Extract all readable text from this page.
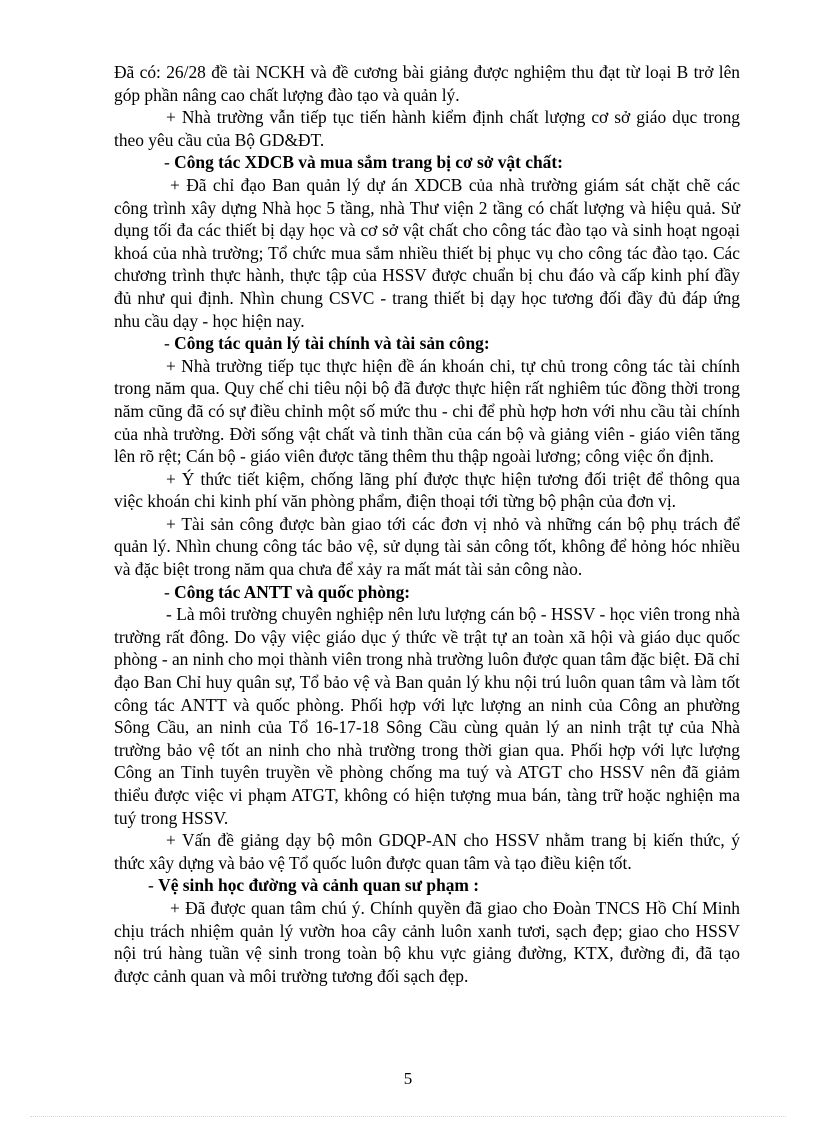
Đã có: 26/28 đề tài NCKH và đề cương bài giảng được nghiệm thu đạt từ loại B trở lên góp phần nâng cao chất lượng đào tạo và quản lý.

+ Nhà trường vẫn tiếp tục tiến hành kiểm định chất lượng cơ sở giáo dục trong theo yêu cầu của Bộ GD&ĐT.

- Công tác XDCB và mua sắm trang bị cơ sở vật chất:

+ Đã chỉ đạo Ban quản lý dự án XDCB của nhà trường giám sát chặt chẽ các công trình xây dựng Nhà học 5 tầng, nhà Thư viện 2 tầng có chất lượng và hiệu quả. Sử dụng tối đa các thiết bị dạy học và cơ sở vật chất cho công tác đào tạo và sinh hoạt ngoại khoá của nhà trường; Tổ chức mua sắm nhiều thiết bị phục vụ cho công tác đào tạo. Các chương trình thực hành, thực tập của HSSV được chuẩn bị chu đáo và cấp kinh phí đầy đủ như qui định. Nhìn chung CSVC - trang thiết bị dạy học tương đối đầy đủ đáp ứng nhu cầu dạy - học hiện nay.

- Công tác quản lý tài chính và tài sản công:

+ Nhà trường tiếp tục thực hiện đề án khoán chi, tự chủ trong công tác tài chính trong năm qua. Quy chế chi tiêu nội bộ đã được thực hiện rất nghiêm túc đồng thời trong năm cũng đã có sự điều chỉnh một số mức thu - chi để phù hợp hơn với nhu cầu tài chính của nhà trường. Đời sống vật chất và tinh thần của cán bộ và giảng viên - giáo viên tăng lên rõ rệt; Cán bộ - giáo viên được tăng thêm thu thập ngoài lương; công việc ổn định.

+ Ý thức tiết kiệm, chống lãng phí được thực hiện tương đối triệt để thông qua việc khoán chi kinh phí văn phòng phẩm, điện thoại tới từng bộ phận của đơn vị.

+ Tài sản công được bàn giao tới các đơn vị nhỏ và những cán bộ phụ trách để quản lý. Nhìn chung công tác bảo vệ, sử dụng tài sản công tốt, không để hỏng hóc nhiều và đặc biệt trong năm qua chưa để xảy ra mất mát tài sản công nào.

- Công tác ANTT và quốc phòng:

- Là môi trường chuyên nghiệp nên lưu lượng cán bộ - HSSV - học viên trong nhà trường rất đông. Do vậy việc giáo dục ý thức về trật tự an toàn xã hội và giáo dục quốc phòng - an ninh cho mọi thành viên trong nhà trường luôn được quan tâm đặc biệt. Đã chỉ đạo Ban Chỉ huy quân sự, Tổ bảo vệ và Ban quản lý khu nội trú luôn quan tâm và làm tốt công tác ANTT và quốc phòng. Phối hợp với lực lượng an ninh của Công an phường Sông Cầu, an ninh của Tổ 16-17-18 Sông Cầu cùng quản lý an ninh trật tự của Nhà trường bảo vệ tốt an ninh cho nhà trường trong thời gian qua. Phối hợp với lực lượng Công an Tỉnh tuyên truyền về phòng chống ma tuý và ATGT cho HSSV nên đã giảm thiểu được việc vi phạm ATGT, không có hiện tượng mua bán, tàng trữ hoặc nghiện ma tuý trong HSSV.

+ Vấn đề giảng dạy bộ môn GDQP-AN cho HSSV nhằm trang bị kiến thức, ý thức xây dựng và bảo vệ Tổ quốc luôn được quan tâm và tạo điều kiện tốt.

- Vệ sinh học đường và cảnh quan sư phạm :

+ Đã được quan tâm chú ý. Chính quyền đã giao cho Đoàn TNCS Hồ Chí Minh chịu trách nhiệm quản lý vườn hoa cây cảnh luôn xanh tươi, sạch đẹp; giao cho HSSV nội trú hàng tuần vệ sinh trong toàn bộ khu vực giảng đường, KTX, đường đi, đã tạo được cảnh quan và môi trường tương đối sạch đẹp.

5
